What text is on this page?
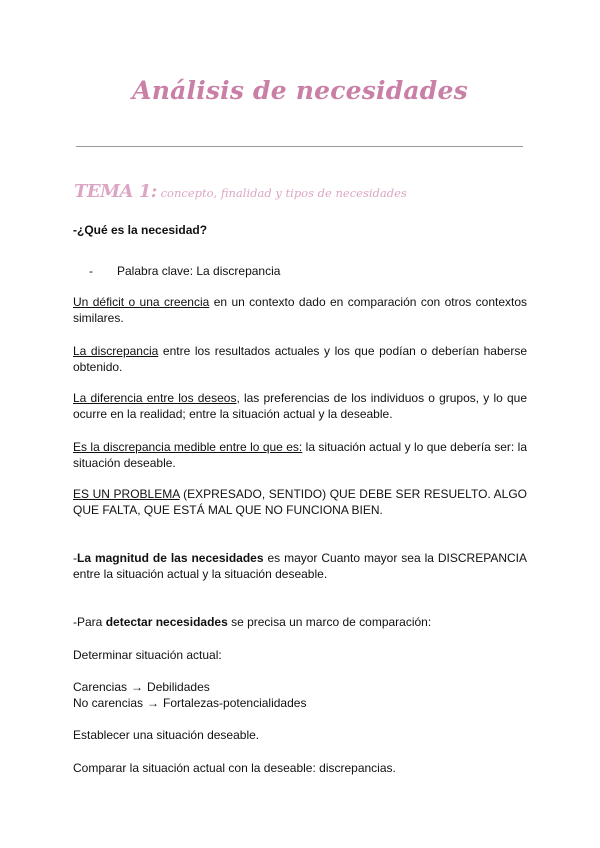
Análisis de necesidades
TEMA 1: concepto, finalidad y tipos de necesidades
-¿Qué es la necesidad?
- Palabra clave: La discrepancia
Un déficit o una creencia en un contexto dado en comparación con otros contextos similares.
La discrepancia entre los resultados actuales y los que podían o deberían haberse obtenido.
La diferencia entre los deseos, las preferencias de los individuos o grupos, y lo que ocurre en la realidad; entre la situación actual y la deseable.
Es la discrepancia medible entre lo que es: la situación actual y lo que debería ser: la situación deseable.
ES UN PROBLEMA (EXPRESADO, SENTIDO) QUE DEBE SER RESUELTO. ALGO QUE FALTA, QUE ESTÁ MAL QUE NO FUNCIONA BIEN.
-La magnitud de las necesidades es mayor Cuanto mayor sea la DISCREPANCIA entre la situación actual y la situación deseable.
-Para detectar necesidades se precisa un marco de comparación:
Determinar situación actual:
Carencias → Debilidades
No carencias → Fortalezas-potencialidades
Establecer una situación deseable.
Comparar la situación actual con la deseable: discrepancias.
